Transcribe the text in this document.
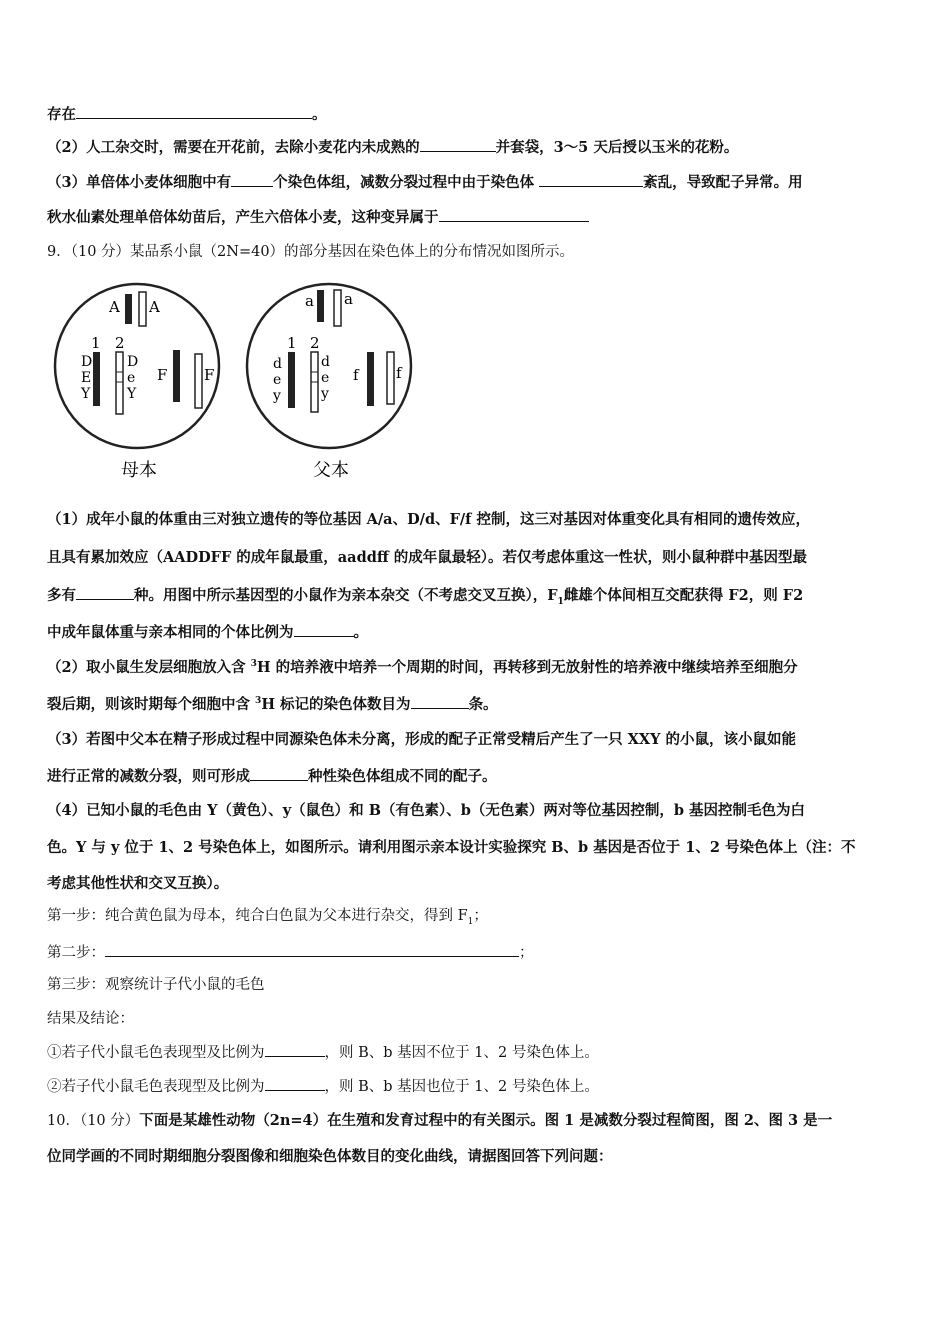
存在	。
（2）人工杂交时，需要在开花前，去除小麦花内未成熟的	并套袋，3～5 天后授以玉米的花粉。
（3）单倍体小麦体细胞中有	个染色体组，减数分裂过程中由于染色体	紊乱，导致配子异常。用
秋水仙素处理单倍体幼苗后，产生六倍体小麦，这种变异属于
9．（10 分）某品系小鼠（2N=40）的部分基因在染色体上的分布情况如图所示。
A A
1 2
D
E
Y
D
e
Y
F F
母本
a a
1 2
d
e
y
d
e
y
f f
父本
（1）成年小鼠的体重由三对独立遗传的等位基因 A/a、D/d、F/f 控制，这三对基因对体重变化具有相同的遗传效应，
且具有累加效应（AADDFF 的成年鼠最重，aaddff 的成年鼠最轻）。若仅考虑体重这一性状，则小鼠种群中基因型最
多有	种。用图中所示基因型的小鼠作为亲本杂交（不考虑交叉互换），$F_1$雌雄个体间相互交配获得 F2，则 F2
中成年鼠体重与亲本相同的个体比例为	。
（2）取小鼠生发层细胞放入含 $^3$H 的培养液中培养一个周期的时间，再转移到无放射性的培养液中继续培养至细胞分
裂后期，则该时期每个细胞中含 $^3$H 标记的染色体数目为	条。
（3）若图中父本在精子形成过程中同源染色体未分离，形成的配子正常受精后产生了一只 XXY 的小鼠，该小鼠如能
进行正常的减数分裂，则可形成	种性染色体组成不同的配子。
（4）已知小鼠的毛色由 Y（黄色）、y（鼠色）和 B（有色素）、b（无色素）两对等位基因控制，b 基因控制毛色为白
色。Y 与 y 位于 1、2 号染色体上，如图所示。请利用图示亲本设计实验探究 B、b 基因是否位于 1、2 号染色体上（注：不
考虑其他性状和交叉互换）。
第一步：纯合黄色鼠为母本，纯合白色鼠为父本进行杂交，得到 $F_1$；
第二步：	；
第三步：观察统计子代小鼠的毛色
结果及结论：
①若子代小鼠毛色表现型及比例为	，则 B、b 基因不位于 1、2 号染色体上。
②若子代小鼠毛色表现型及比例为	，则 B、b 基因也位于 1、2 号染色体上。
10．（10 分）下面是某雄性动物（2n=4）在生殖和发育过程中的有关图示。图 1 是减数分裂过程简图，图 2、图 3 是一
位同学画的不同时期细胞分裂图像和细胞染色体数目的变化曲线，请据图回答下列问题：
